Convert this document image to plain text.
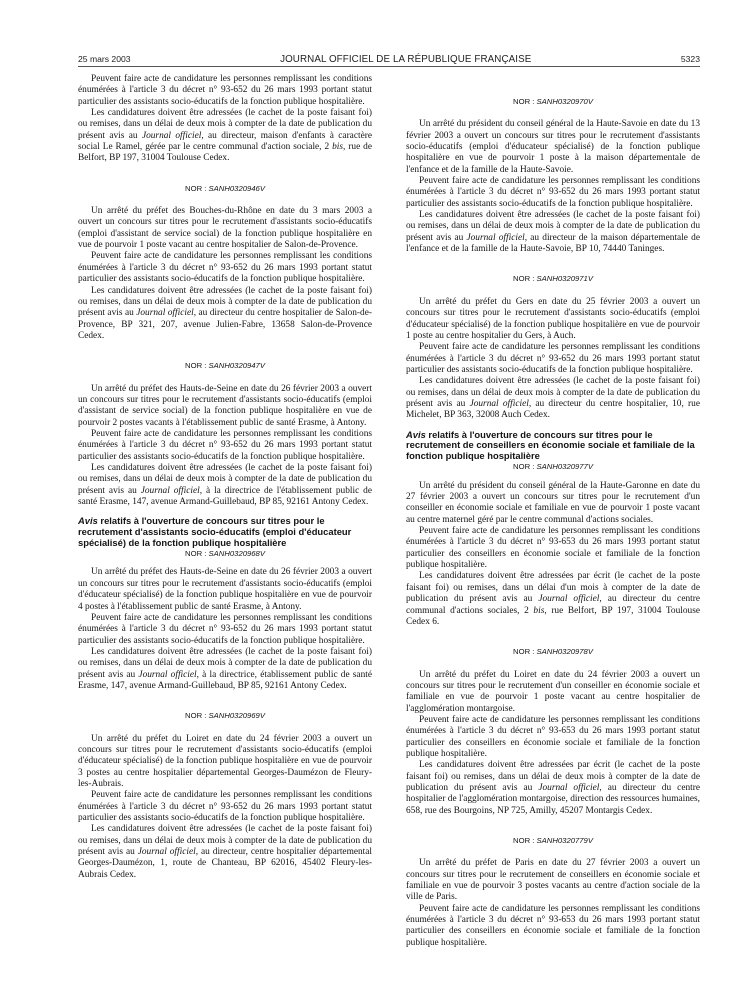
25 mars 2003	JOURNAL OFFICIEL DE LA RÉPUBLIQUE FRANÇAISE	5323

Peuvent faire acte de candidature les personnes remplissant les conditions énumérées à l'article 3 du décret n° 93-652 du 26 mars 1993 portant statut particulier des assistants socio-éducatifs de la fonction publique hospitalière.

Les candidatures doivent être adressées (le cachet de la poste faisant foi) ou remises, dans un délai de deux mois à compter de la date de publication du présent avis au Journal officiel, au directeur, maison d'enfants à caractère social Le Ramel, gérée par le centre communal d'action sociale, 2 bis, rue de Belfort, BP 197, 31004 Toulouse Cedex.

NOR : SANH0320946V

Un arrêté du préfet des Bouches-du-Rhône en date du 3 mars 2003 a ouvert un concours sur titres pour le recrutement d'assistants socio-éducatifs (emploi d'assistant de service social) de la fonction publique hospitalière en vue de pourvoir 1 poste vacant au centre hospitalier de Salon-de-Provence.

Peuvent faire acte de candidature les personnes remplissant les conditions énumérées à l'article 3 du décret n° 93-652 du 26 mars 1993 portant statut particulier des assistants socio-éducatifs de la fonction publique hospitalière.

Les candidatures doivent être adressées (le cachet de la poste faisant foi) ou remises, dans un délai de deux mois à compter de la date de publication du présent avis au Journal officiel, au directeur du centre hospitalier de Salon-de-Provence, BP 321, 207, avenue Julien-Fabre, 13658 Salon-de-Provence Cedex.

NOR : SANH0320947V

Un arrêté du préfet des Hauts-de-Seine en date du 26 février 2003 a ouvert un concours sur titres pour le recrutement d'assistants socio-éducatifs (emploi d'assistant de service social) de la fonction publique hospitalière en vue de pourvoir 2 postes vacants à l'établissement public de santé Erasme, à Antony.

Peuvent faire acte de candidature les personnes remplissant les conditions énumérées à l'article 3 du décret n° 93-652 du 26 mars 1993 portant statut particulier des assistants socio-éducatifs de la fonction publique hospitalière.

Les candidatures doivent être adressées (le cachet de la poste faisant foi) ou remises, dans un délai de deux mois à compter de la date de publication du présent avis au Journal officiel, à la directrice de l'établissement public de santé Erasme, 147, avenue Armand-Guillebaud, BP 85, 92161 Antony Cedex.

Avis relatifs à l'ouverture de concours sur titres pour le recrutement d'assistants socio-éducatifs (emploi d'éducateur spécialisé) de la fonction publique hospitalière

NOR : SANH0320968V

Un arrêté du préfet des Hauts-de-Seine en date du 26 février 2003 a ouvert un concours sur titres pour le recrutement d'assistants socio-éducatifs (emploi d'éducateur spécialisé) de la fonction publique hospitalière en vue de pourvoir 4 postes à l'établissement public de santé Erasme, à Antony.

Peuvent faire acte de candidature les personnes remplissant les conditions énumérées à l'article 3 du décret n° 93-652 du 26 mars 1993 portant statut particulier des assistants socio-éducatifs de la fonction publique hospitalière.

Les candidatures doivent être adressées (le cachet de la poste faisant foi) ou remises, dans un délai de deux mois à compter de la date de publication du présent avis au Journal officiel, à la directrice, établissement public de santé Erasme, 147, avenue Armand-Guillebaud, BP 85, 92161 Antony Cedex.

NOR : SANH0320969V

Un arrêté du préfet du Loiret en date du 24 février 2003 a ouvert un concours sur titres pour le recrutement d'assistants socio-éducatifs (emploi d'éducateur spécialisé) de la fonction publique hospitalière en vue de pourvoir 3 postes au centre hospitalier départemental Georges-Daumézon de Fleury-les-Aubrais.

Peuvent faire acte de candidature les personnes remplissant les conditions énumérées à l'article 3 du décret n° 93-652 du 26 mars 1993 portant statut particulier des assistants socio-éducatifs de la fonction publique hospitalière.

Les candidatures doivent être adressées (le cachet de la poste faisant foi) ou remises, dans un délai de deux mois à compter de la date de publication du présent avis au Journal officiel, au directeur, centre hospitalier départemental Georges-Daumézon, 1, route de Chanteau, BP 62016, 45402 Fleury-les-Aubrais Cedex.

NOR : SANH0320970V

Un arrêté du président du conseil général de la Haute-Savoie en date du 13 février 2003 a ouvert un concours sur titres pour le recrutement d'assistants socio-éducatifs (emploi d'éducateur spécialisé) de la fonction publique hospitalière en vue de pourvoir 1 poste à la maison départementale de l'enfance et de la famille de la Haute-Savoie.

Peuvent faire acte de candidature les personnes remplissant les conditions énumérées à l'article 3 du décret n° 93-652 du 26 mars 1993 portant statut particulier des assistants socio-éducatifs de la fonction publique hospitalière.

Les candidatures doivent être adressées (le cachet de la poste faisant foi) ou remises, dans un délai de deux mois à compter de la date de publication du présent avis au Journal officiel, au directeur de la maison départementale de l'enfance et de la famille de la Haute-Savoie, BP 10, 74440 Taninges.

NOR : SANH0320971V

Un arrêté du préfet du Gers en date du 25 février 2003 a ouvert un concours sur titres pour le recrutement d'assistants socio-éducatifs (emploi d'éducateur spécialisé) de la fonction publique hospitalière en vue de pourvoir 1 poste au centre hospitalier du Gers, à Auch.

Peuvent faire acte de candidature les personnes remplissant les conditions énumérées à l'article 3 du décret n° 93-652 du 26 mars 1993 portant statut particulier des assistants socio-éducatifs de la fonction publique hospitalière.

Les candidatures doivent être adressées (le cachet de la poste faisant foi) ou remises, dans un délai de deux mois à compter de la date de publication du présent avis au Journal officiel, au directeur du centre hospitalier, 10, rue Michelet, BP 363, 32008 Auch Cedex.

Avis relatifs à l'ouverture de concours sur titres pour le recrutement de conseillers en économie sociale et familiale de la fonction publique hospitalière

NOR : SANH0320977V

Un arrêté du président du conseil général de la Haute-Garonne en date du 27 février 2003 a ouvert un concours sur titres pour le recrutement d'un conseiller en économie sociale et familiale en vue de pourvoir 1 poste vacant au centre maternel géré par le centre communal d'actions sociales.

Peuvent faire acte de candidature les personnes remplissant les conditions énumérées à l'article 3 du décret n° 93-653 du 26 mars 1993 portant statut particulier des conseillers en économie sociale et familiale de la fonction publique hospitalière.

Les candidatures doivent être adressées par écrit (le cachet de la poste faisant foi) ou remises, dans un délai d'un mois à compter de la date de publication du présent avis au Journal officiel, au directeur du centre communal d'actions sociales, 2 bis, rue Belfort, BP 197, 31004 Toulouse Cedex 6.

NOR : SANH0320978V

Un arrêté du préfet du Loiret en date du 24 février 2003 a ouvert un concours sur titres pour le recrutement d'un conseiller en économie sociale et familiale en vue de pourvoir 1 poste vacant au centre hospitalier de l'agglomération montargoise.

Peuvent faire acte de candidature les personnes remplissant les conditions énumérées à l'article 3 du décret n° 93-653 du 26 mars 1993 portant statut particulier des conseillers en économie sociale et familiale de la fonction publique hospitalière.

Les candidatures doivent être adressées par écrit (le cachet de la poste faisant foi) ou remises, dans un délai de deux mois à compter de la date de publication du présent avis au Journal officiel, au directeur du centre hospitalier de l'agglomération montargoise, direction des ressources humaines, 658, rue des Bourgoins, NP 725, Amilly, 45207 Montargis Cedex.

NOR : SANH0320779V

Un arrêté du préfet de Paris en date du 27 février 2003 a ouvert un concours sur titres pour le recrutement de conseillers en économie sociale et familiale en vue de pourvoir 3 postes vacants au centre d'action sociale de la ville de Paris.

Peuvent faire acte de candidature les personnes remplissant les conditions énumérées à l'article 3 du décret n° 93-653 du 26 mars 1993 portant statut particulier des conseillers en économie sociale et familiale de la fonction publique hospitalière.
